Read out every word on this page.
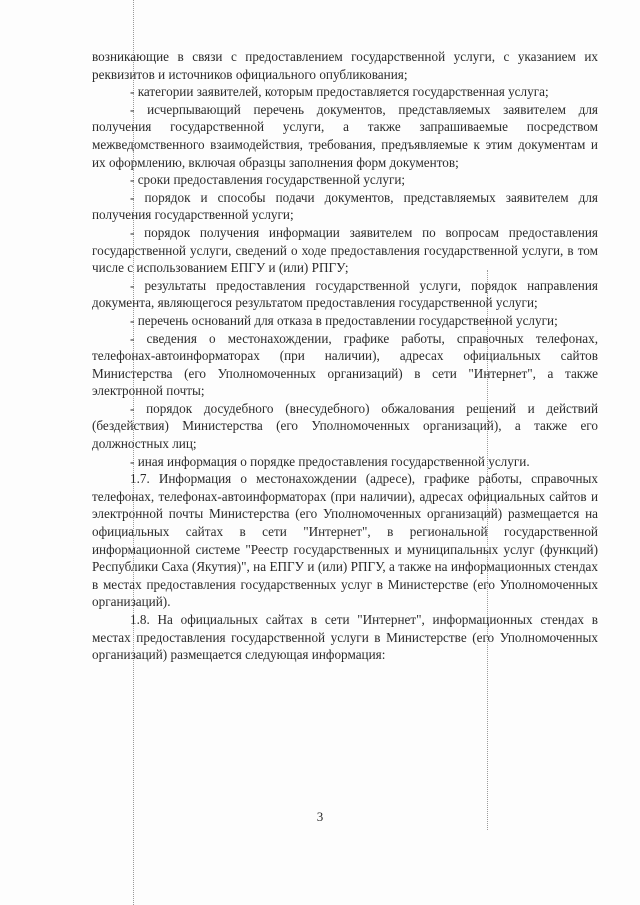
возникающие в связи с предоставлением государственной услуги, с указанием их реквизитов и источников официального опубликования;

- категории заявителей, которым предоставляется государственная услуга;

- исчерпывающий перечень документов, представляемых заявителем для получения государственной услуги, а также запрашиваемые посредством межведомственного взаимодействия, требования, предъявляемые к этим документам и их оформлению, включая образцы заполнения форм документов;

- сроки предоставления государственной услуги;

- порядок и способы подачи документов, представляемых заявителем для получения государственной услуги;

- порядок получения информации заявителем по вопросам предоставления государственной услуги, сведений о ходе предоставления государственной услуги, в том числе с использованием ЕПГУ и (или) РПГУ;

- результаты предоставления государственной услуги, порядок направления документа, являющегося результатом предоставления государственной услуги;

- перечень оснований для отказа в предоставлении государственной услуги;

- сведения о местонахождении, графике работы, справочных телефонах, телефонах-автоинформаторах (при наличии), адресах официальных сайтов Министерства (его Уполномоченных организаций) в сети "Интернет", а также электронной почты;

- порядок досудебного (внесудебного) обжалования решений и действий (бездействия) Министерства (его Уполномоченных организаций), а также его должностных лиц;

- иная информация о порядке предоставления государственной услуги.

1.7. Информация о местонахождении (адресе), графике работы, справочных телефонах, телефонах-автоинформаторах (при наличии), адресах официальных сайтов и электронной почты Министерства (его Уполномоченных организаций) размещается на официальных сайтах в сети "Интернет", в региональной государственной информационной системе "Реестр государственных и муниципальных услуг (функций) Республики Саха (Якутия)", на ЕПГУ и (или) РПГУ, а также на информационных стендах в местах предоставления государственных услуг в Министерстве (его Уполномоченных организаций).

1.8. На официальных сайтах в сети "Интернет", информационных стендах в местах предоставления государственной услуги в Министерстве (его Уполномоченных организаций) размещается следующая информация:

3
